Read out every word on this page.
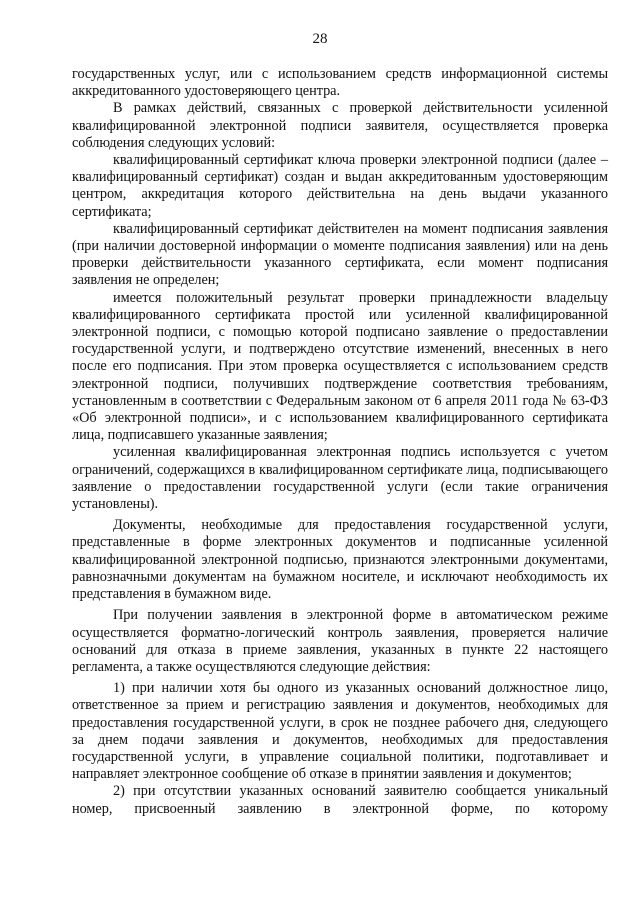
28

государственных услуг, или с использованием средств информационной системы аккредитованного удостоверяющего центра.

В рамках действий, связанных с проверкой действительности усиленной квалифицированной электронной подписи заявителя, осуществляется проверка соблюдения следующих условий:

квалифицированный сертификат ключа проверки электронной подписи (далее – квалифицированный сертификат) создан и выдан аккредитованным удостоверяющим центром, аккредитация которого действительна на день выдачи указанного сертификата;

квалифицированный сертификат действителен на момент подписания заявления (при наличии достоверной информации о моменте подписания заявления) или на день проверки действительности указанного сертификата, если момент подписания заявления не определен;

имеется положительный результат проверки принадлежности владельцу квалифицированного сертификата простой или усиленной квалифицированной электронной подписи, с помощью которой подписано заявление о предоставлении государственной услуги, и подтверждено отсутствие изменений, внесенных в него после его подписания. При этом проверка осуществляется с использованием средств электронной подписи, получивших подтверждение соответствия требованиям, установленным в соответствии с Федеральным законом от 6 апреля 2011 года № 63-ФЗ «Об электронной подписи», и с использованием квалифицированного сертификата лица, подписавшего указанные заявления;

усиленная квалифицированная электронная подпись используется с учетом ограничений, содержащихся в квалифицированном сертификате лица, подписывающего заявление о предоставлении государственной услуги (если такие ограничения установлены).

Документы, необходимые для предоставления государственной услуги, представленные в форме электронных документов и подписанные усиленной квалифицированной электронной подписью, признаются электронными документами, равнозначными документам на бумажном носителе, и исключают необходимость их представления в бумажном виде.

При получении заявления в электронной форме в автоматическом режиме осуществляется форматно-логический контроль заявления, проверяется наличие оснований для отказа в приеме заявления, указанных в пункте 22 настоящего регламента, а также осуществляются следующие действия:

1) при наличии хотя бы одного из указанных оснований должностное лицо, ответственное за прием и регистрацию заявления и документов, необходимых для предоставления государственной услуги, в срок не позднее рабочего дня, следующего за днем подачи заявления и документов, необходимых для предоставления государственной услуги, в управление социальной политики, подготавливает и направляет электронное сообщение об отказе в принятии заявления и документов;

2) при отсутствии указанных оснований заявителю сообщается уникальный номер, присвоенный заявлению в электронной форме, по которому
